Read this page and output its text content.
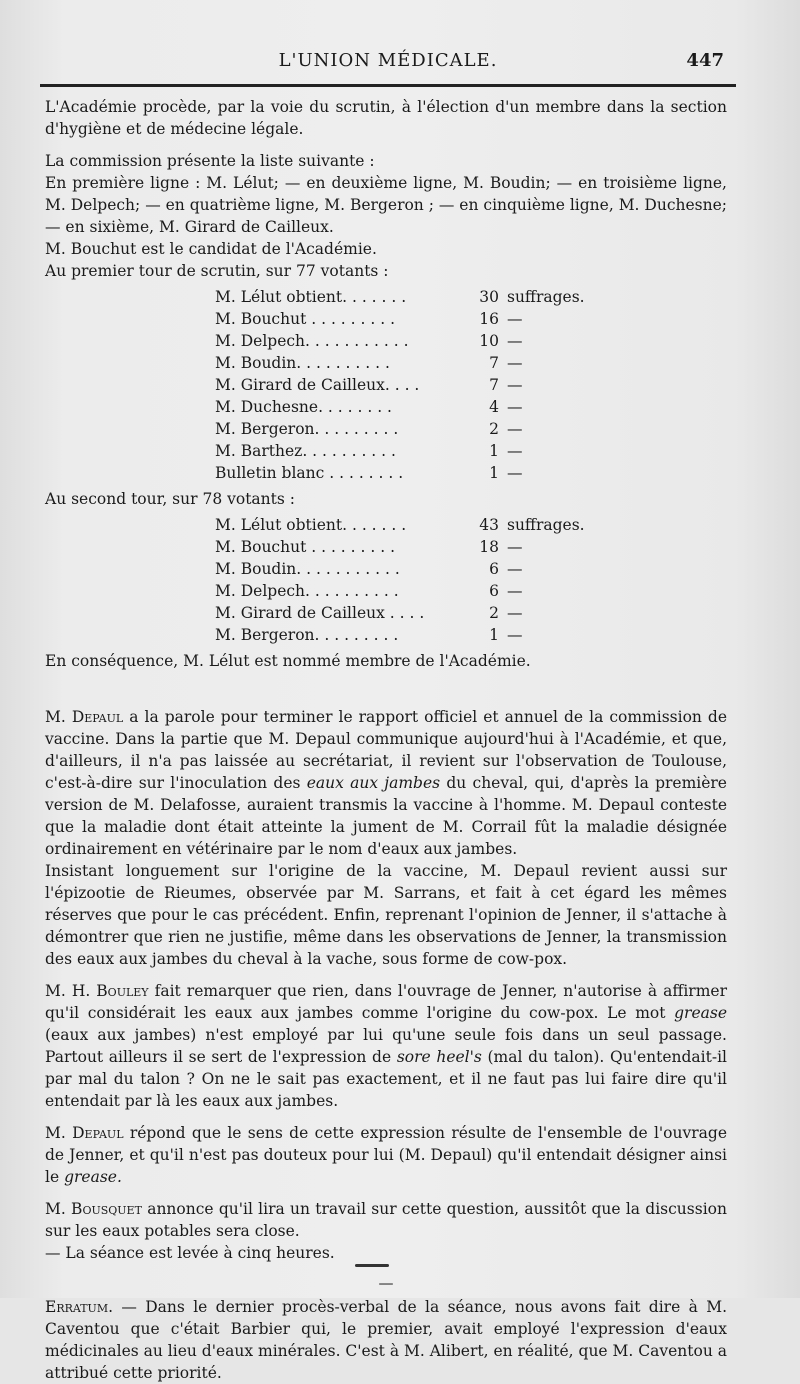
L'UNION MÉDICALE.	447

L'Académie procède, par la voie du scrutin, à l'élection d'un membre dans la section d'hygiène et de médecine légale.

La commission présente la liste suivante :

En première ligne : M. Lélut; — en deuxième ligne, M. Boudin; — en troisième ligne, M. Delpech; — en quatrième ligne, M. Bergeron ; — en cinquième ligne, M. Duchesne; — en sixième, M. Girard de Cailleux.

M. Bouchut est le candidat de l'Académie.

Au premier tour de scrutin, sur 77 votants :

M. Lélut obtient. . . . . . .	30 suffrages.
M. Bouchut . . . . . . . . .	16 —
M. Delpech. . . . . . . . . . .	10 —
M. Boudin. . . . . . . . . .	7 —
M. Girard de Cailleux. . . .	7 —
M. Duchesne. . . . . . . .	4 —
M. Bergeron. . . . . . . . .	2 —
M. Barthez. . . . . . . . . .	1 —
Bulletin blanc . . . . . . . .	1 —

Au second tour, sur 78 votants :

M. Lélut obtient. . . . . . .	43 suffrages.
M. Bouchut . . . . . . . . .	18 —
M. Boudin. . . . . . . . . . .	6 —
M. Delpech. . . . . . . . . .	6 —
M. Girard de Cailleux . . . .	2 —
M. Bergeron. . . . . . . . .	1 —

En conséquence, M. Lélut est nommé membre de l'Académie.

M. Depaul a la parole pour terminer le rapport officiel et annuel de la commission de vaccine. Dans la partie que M. Depaul communique aujourd'hui à l'Académie, et que, d'ailleurs, il n'a pas laissée au secrétariat, il revient sur l'observation de Toulouse, c'est-à-dire sur l'inoculation des eaux aux jambes du cheval, qui, d'après la première version de M. Delafosse, auraient transmis la vaccine à l'homme. M. Depaul conteste que la maladie dont était atteinte la jument de M. Corrail fût la maladie désignée ordinairement en vétérinaire par le nom d'eaux aux jambes.

Insistant longuement sur l'origine de la vaccine, M. Depaul revient aussi sur l'épizootie de Rieumes, observée par M. Sarrans, et fait à cet égard les mêmes réserves que pour le cas précédent. Enfin, reprenant l'opinion de Jenner, il s'attache à démontrer que rien ne justifie, même dans les observations de Jenner, la transmission des eaux aux jambes du cheval à la vache, sous forme de cow-pox.

M. H. Bouley fait remarquer que rien, dans l'ouvrage de Jenner, n'autorise à affirmer qu'il considérait les eaux aux jambes comme l'origine du cow-pox. Le mot grease (eaux aux jambes) n'est employé par lui qu'une seule fois dans un seul passage. Partout ailleurs il se sert de l'expression de sore heel's (mal du talon). Qu'entendait-il par mal du talon ? On ne le sait pas exactement, et il ne faut pas lui faire dire qu'il entendait par là les eaux aux jambes.

M. Depaul répond que le sens de cette expression résulte de l'ensemble de l'ouvrage de Jenner, et qu'il n'est pas douteux pour lui (M. Depaul) qu'il entendait désigner ainsi le grease.

M. Bousquet annonce qu'il lira un travail sur cette question, aussitôt que la discussion sur les eaux potables sera close.

— La séance est levée à cinq heures.

—

Erratum. — Dans le dernier procès-verbal de la séance, nous avons fait dire à M. Caventou que c'était Barbier qui, le premier, avait employé l'expression d'eaux médicinales au lieu d'eaux minérales. C'est à M. Alibert, en réalité, que M. Caventou a attribué cette priorité.
